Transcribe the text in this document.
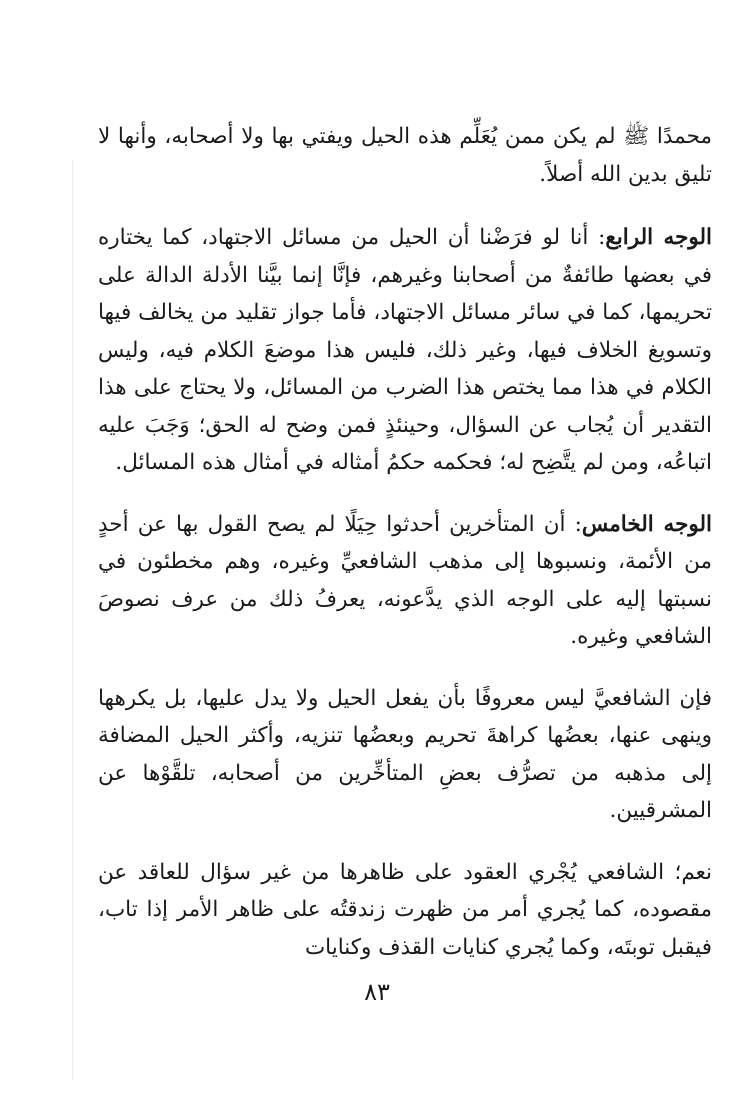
محمدًا ﷺ لم يكن ممن يُعَلِّم هذه الحيل ويفتي بها ولا أصحابه، وأنها لا تليق بدين الله أصلاً.

الوجه الرابع: أنا لو فرَضْنا أن الحيل من مسائل الاجتهاد، كما يختاره في بعضها طائفةٌ من أصحابنا وغيرهم، فإنَّا إنما بيَّنا الأدلة الدالة على تحريمها، كما في سائر مسائل الاجتهاد، فأما جواز تقليد من يخالف فيها وتسويغ الخلاف فيها، وغير ذلك، فليس هذا موضعَ الكلام فيه، وليس الكلام في هذا مما يختص هذا الضرب من المسائل، ولا يحتاج على هذا التقدير أن يُجاب عن السؤال، وحينئذٍ فمن وضح له الحق؛ وَجَبَ عليه اتباعُه، ومن لم يتَّضِح له؛ فحكمه حكمُ أمثاله في أمثال هذه المسائل.

الوجه الخامس: أن المتأخرين أحدثوا حِيَلًا لم يصح القول بها عن أحدٍ من الأئمة، ونسبوها إلى مذهب الشافعيِّ وغيره، وهم مخطئون في نسبتها إليه على الوجه الذي يدَّعونه، يعرفُ ذلك من عرف نصوصَ الشافعي وغيره.

فإن الشافعيَّ ليس معروفًا بأن يفعل الحيل ولا يدل عليها، بل يكرهها وينهى عنها، بعضُها كراهةَ تحريم وبعضُها تنزيه، وأكثر الحيل المضافة إلى مذهبه من تصرُّف بعضِ المتأخِّرين من أصحابه، تلقَّوْها عن المشرقيين.

نعم؛ الشافعي يُجْري العقود على ظاهرها من غير سؤال للعاقد عن مقصوده، كما يُجري أمر من ظهرت زندقتُه على ظاهر الأمر إذا تاب، فيقبل توبتَه، وكما يُجري كنايات القذف وكنايات

٨٣
